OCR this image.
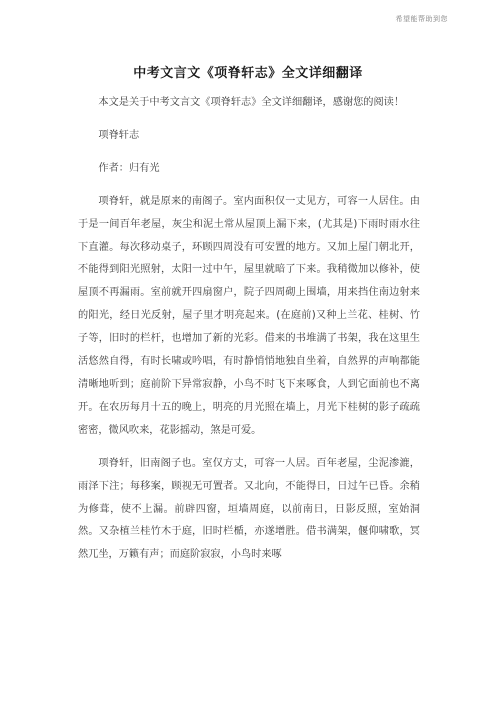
希望能帮助到您
中考文言文《项脊轩志》全文详细翻译

本文是关于中考文言文《项脊轩志》全文详细翻译，感谢您的阅读！

项脊轩志

作者：归有光

项脊轩，就是原来的南阁子。室内面积仅一丈见方，可容一人居住。由于是一间百年老屋，灰尘和泥土常从屋顶上漏下来，(尤其是)下雨时雨水往下直灌。每次移动桌子，环顾四周没有可安置的地方。又加上屋门朝北开，不能得到阳光照射，太阳一过中午，屋里就暗了下来。我稍微加以修补，使屋顶不再漏雨。室前就开四扇窗户，院子四周砌上围墙，用来挡住南边射来的阳光，经日光反射，屋子里才明亮起来。(在庭前)又种上兰花、桂树、竹子等，旧时的栏杆，也增加了新的光彩。借来的书堆满了书架，我在这里生活悠然自得，有时长啸或吟唱，有时静悄悄地独自坐着，自然界的声响都能清晰地听到；庭前阶下异常寂静，小鸟不时飞下来啄食，人到它面前也不离开。在农历每月十五的晚上，明亮的月光照在墙上，月光下桂树的影子疏疏密密，微风吹来，花影摇动，煞是可爱。

项脊轩，旧南阁子也。室仅方丈，可容一人居。百年老屋，尘泥渗漉，雨泽下注；每移案，顾视无可置者。又北向，不能得日，日过午已昏。余稍为修葺，使不上漏。前辟四窗，垣墙周庭，以前南日，日影反照，室始洞然。又杂植兰桂竹木于庭，旧时栏楯，亦遂增胜。借书满架，偃仰啸歌，冥然兀坐，万籁有声；而庭阶寂寂，小鸟时来啄
